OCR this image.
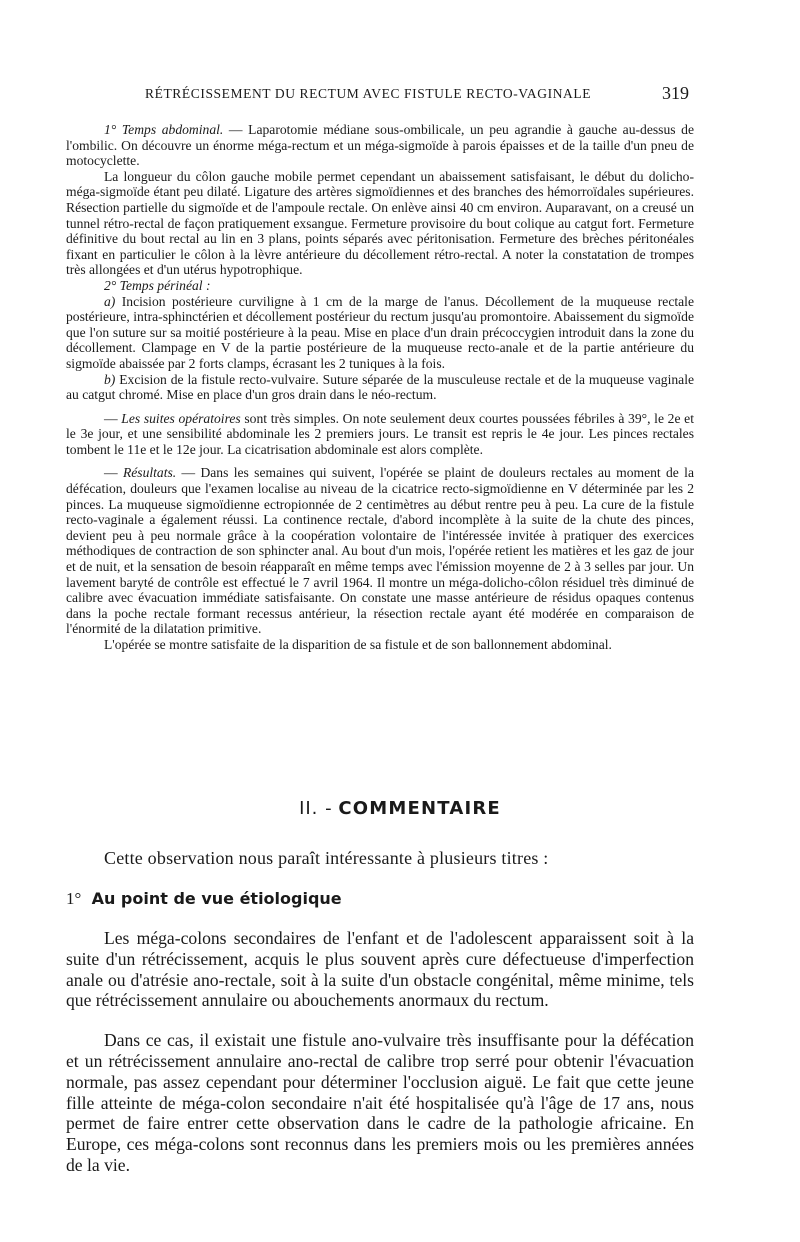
RÉTRÉCISSEMENT DU RECTUM AVEC FISTULE RECTO-VAGINALE	319

1° Temps abdominal. — Laparotomie médiane sous-ombilicale, un peu agrandie à gauche au-dessus de l'ombilic. On découvre un énorme méga-rectum et un méga-sigmoïde à parois épaisses et de la taille d'un pneu de motocyclette.

La longueur du côlon gauche mobile permet cependant un abaissement satisfaisant, le début du dolicho-méga-sigmoïde étant peu dilaté. Ligature des artères sigmoïdiennes et des branches des hémorroïdales supérieures. Résection partielle du sigmoïde et de l'ampoule rectale. On enlève ainsi 40 cm environ. Auparavant, on a creusé un tunnel rétro-rectal de façon pratiquement exsangue. Fermeture provisoire du bout colique au catgut fort. Fermeture définitive du bout rectal au lin en 3 plans, points séparés avec péritonisation. Fermeture des brèches péritonéales fixant en particulier le côlon à la lèvre antérieure du décollement rétro-rectal. A noter la constatation de trompes très allongées et d'un utérus hypotrophique.

2° Temps périnéal :

a) Incision postérieure curviligne à 1 cm de la marge de l'anus. Décollement de la muqueuse rectale postérieure, intra-sphinctérien et décollement postérieur du rectum jusqu'au promontoire. Abaissement du sigmoïde que l'on suture sur sa moitié postérieure à la peau. Mise en place d'un drain précoccygien introduit dans la zone du décollement. Clampage en V de la partie postérieure de la muqueuse recto-anale et de la partie antérieure du sigmoïde abaissée par 2 forts clamps, écrasant les 2 tuniques à la fois.

b) Excision de la fistule recto-vulvaire. Suture séparée de la musculeuse rectale et de la muqueuse vaginale au catgut chromé. Mise en place d'un gros drain dans le néo-rectum.

— Les suites opératoires sont très simples. On note seulement deux courtes poussées fébriles à 39°, le 2e et le 3e jour, et une sensibilité abdominale les 2 premiers jours. Le transit est repris le 4e jour. Les pinces rectales tombent le 11e et le 12e jour. La cicatrisation abdominale est alors complète.

— Résultats. — Dans les semaines qui suivent, l'opérée se plaint de douleurs rectales au moment de la défécation, douleurs que l'examen localise au niveau de la cicatrice recto-sigmoïdienne en V déterminée par les 2 pinces. La muqueuse sigmoïdienne ectropionnée de 2 centimètres au début rentre peu à peu. La cure de la fistule recto-vaginale a également réussi. La continence rectale, d'abord incomplète à la suite de la chute des pinces, devient peu à peu normale grâce à la coopération volontaire de l'intéressée invitée à pratiquer des exercices méthodiques de contraction de son sphincter anal. Au bout d'un mois, l'opérée retient les matières et les gaz de jour et de nuit, et la sensation de besoin réapparaît en même temps avec l'émission moyenne de 2 à 3 selles par jour. Un lavement baryté de contrôle est effectué le 7 avril 1964. Il montre un méga-dolicho-côlon résiduel très diminué de calibre avec évacuation immédiate satisfaisante. On constate une masse antérieure de résidus opaques contenus dans la poche rectale formant recessus antérieur, la résection rectale ayant été modérée en comparaison de l'énormité de la dilatation primitive.

L'opérée se montre satisfaite de la disparition de sa fistule et de son ballonnement abdominal.

II. - COMMENTAIRE
Cette observation nous paraît intéressante à plusieurs titres :
1° Au point de vue étiologique

Les méga-colons secondaires de l'enfant et de l'adolescent apparaissent soit à la suite d'un rétrécissement, acquis le plus souvent après cure défectueuse d'imperfection anale ou d'atrésie ano-rectale, soit à la suite d'un obstacle congénital, même minime, tels que rétrécissement annulaire ou abouchements anormaux du rectum.

Dans ce cas, il existait une fistule ano-vulvaire très insuffisante pour la défécation et un rétrécissement annulaire ano-rectal de calibre trop serré pour obtenir l'évacuation normale, pas assez cependant pour déterminer l'occlusion aiguë. Le fait que cette jeune fille atteinte de méga-colon secondaire n'ait été hospitalisée qu'à l'âge de 17 ans, nous permet de faire entrer cette observation dans le cadre de la pathologie africaine. En Europe, ces méga-colons sont reconnus dans les premiers mois ou les premières années de la vie.
